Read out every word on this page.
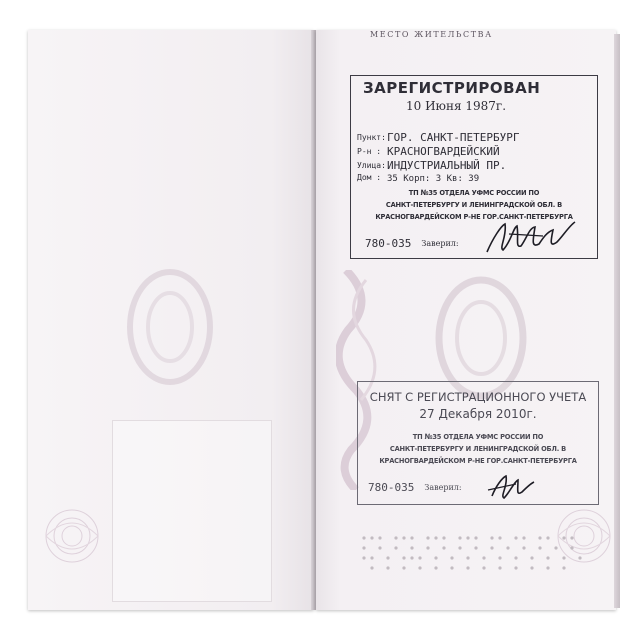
МЕСТО ЖИТЕЛЬСТВА
ЗАРЕГИСТРИРОВАН
10 Июня 1987г.
Пункт:ГОР. САНКТ-ПЕТЕРБУРГ
Р-н : КРАСНОГВАРДЕЙСКИЙ
Улица:ИНДУСТРИАЛЬНЫЙ ПР.
Дом : 35 Корп: 3 Кв: 39
ТП №35 ОТДЕЛА УФМС РОССИИ ПО
САНКТ-ПЕТЕРБУРГУ И ЛЕНИНГРАДСКОЙ ОБЛ. В
КРАСНОГВАРДЕЙСКОМ Р-НЕ ГОР.САНКТ-ПЕТЕРБУРГА
780-035 Заверил:
СНЯТ С РЕГИСТРАЦИОННОГО УЧЕТА
27 Декабря 2010г.
ТП №35 ОТДЕЛА УФМС РОССИИ ПО
САНКТ-ПЕТЕРБУРГУ И ЛЕНИНГРАДСКОЙ ОБЛ. В
КРАСНОГВАРДЕЙСКОМ Р-НЕ ГОР.САНКТ-ПЕТЕРБУРГА
780-035 Заверил:
